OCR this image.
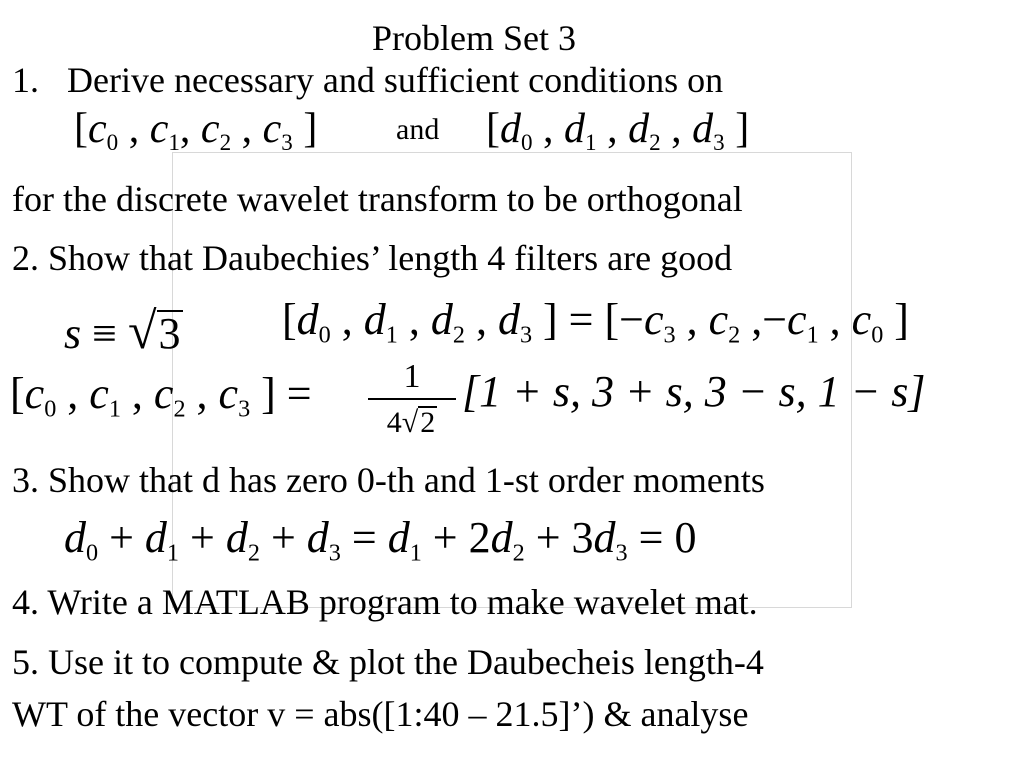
Problem Set 3
1. Derive necessary and sufficient conditions on
[$c_0$ , $c_1$, $c_2$ , $c_3$ ]	and [$d_0$ , $d_1$ , $d_2$ , $d_3$ ]
for the discrete wavelet transform to be orthogonal
2. Show that Daubechies’ length 4 filters are good
s ≡ √3 [$d_0$ , $d_1$ , $d_2$ , $d_3$ ] = [$-c_3$ , $c_2$ $,-c_1$ , $c_0$ ]
[$c_0$ , $c_1$ , $c_2$ , $c_3$ ] =	1
4√2
[1 + s, 3 + s, 3 − s, 1 − s]
3. Show that d has zero 0-th and 1-st order moments
$d_0 + d_1 + d_2 + d_3 = d_1 + 2d_2 + 3d_3 = 0$
4. Write a MATLAB program to make wavelet mat.
5. Use it to compute & plot the Daubecheis length-4
WT of the vector v = abs([1:40 – 21.5]’) & analyse
